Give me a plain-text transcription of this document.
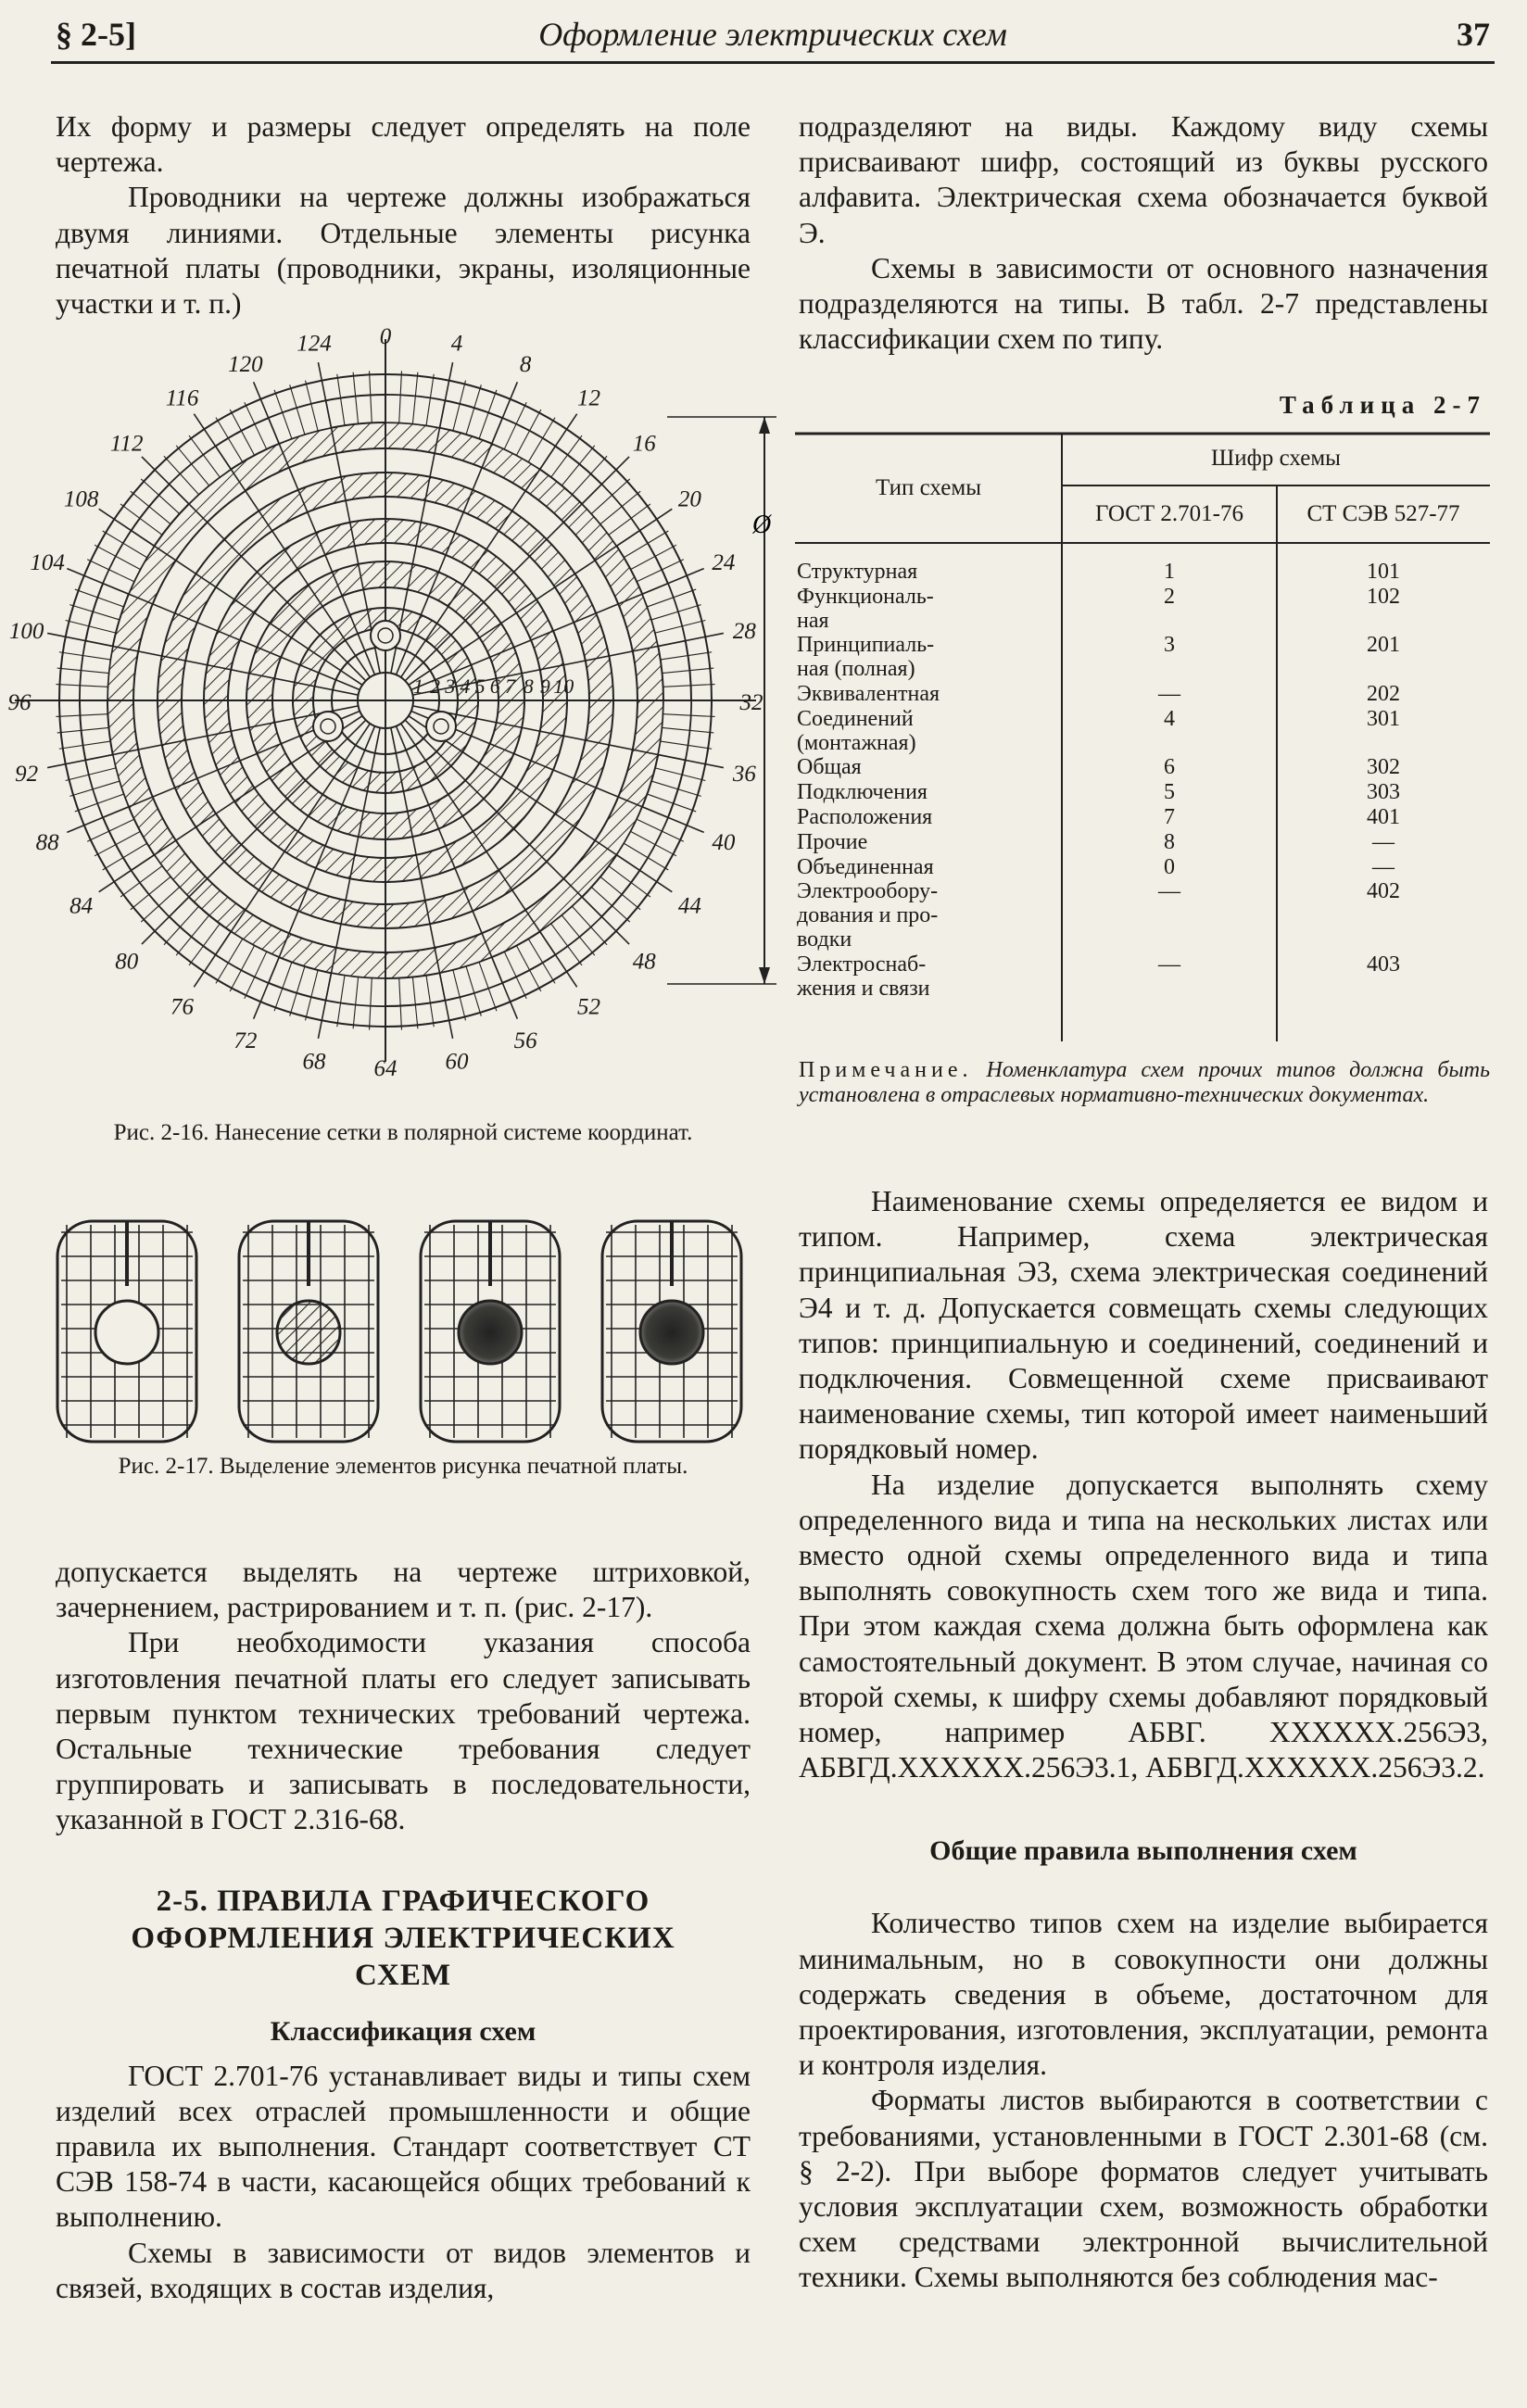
§ 2-5]	Оформление электрических схем	37

Их форму и размеры следует определять на поле чертежа.

Проводники на чертеже должны изображаться двумя линиями. Отдельные элементы рисунка печатной платы (проводники, экраны, изоляционные участки и т. п.)

0	4
8
12
16
20
24
28
32
36
40
44
48
52
56
60
64
68
72
76
80
84
88
92
96
100
104
108
112
116
120
124
1 2 3 4 5 6 7 8 9 10
Ø

Рис. 2-16. Нанесение сетки в полярной системе координат.

Рис. 2-17. Выделение элементов рисунка печатной платы.

допускается выделять на чертеже штриховкой, зачернением, растрированием и т. п. (рис. 2-17).

При необходимости указания способа изготовления печатной платы его следует записывать первым пунктом технических требований чертежа. Остальные технические требования следует группировать и записывать в последовательности, указанной в ГОСТ 2.316-68.

2-5. ПРАВИЛА ГРАФИЧЕСКОГО ОФОРМЛЕНИЯ ЭЛЕКТРИЧЕСКИХ СХЕМ

Классификация схем

ГОСТ 2.701-76 устанавливает виды и типы схем изделий всех отраслей промышленности и общие правила их выполнения. Стандарт соответствует СТ СЭВ 158-74 в части, касающейся общих требований к выполнению.

Схемы в зависимости от видов элементов и связей, входящих в состав изделия,

подразделяют на виды. Каждому виду схемы присваивают шифр, состоящий из буквы русского алфавита. Электрическая схема обозначается буквой Э.

Схемы в зависимости от основного назначения подразделяются на типы. В табл. 2-7 представлены классификации схем по типу.

Таблица 2-7
Тип схемы
Шифр схемы
ГОСТ 2.701-76	СТ СЭВ 527-77
Структурная	1	101
Функциональ-
ная
2	102
Принципиаль-
ная (полная)
3	201
Эквивалентная	—	202
Соединений
(монтажная)
4	301
Общая	6	302
Подключения	5	303
Расположения	7	401
Прочие	8	—
Объединенная	0	—
Электрообору-
дования и про-
водки
—	402
Электроснаб-
жения и связи
—	403

Примечание. Номенклатура схем прочих типов должна быть установлена в отраслевых нормативно-технических документах.

Наименование схемы определяется ее видом и типом. Например, схема электрическая принципиальная Э3, схема электрическая соединений Э4 и т. д. Допускается совмещать схемы следующих типов: принципиальную и соединений, соединений и подключения. Совмещенной схеме присваивают наименование схемы, тип которой имеет наименьший порядковый номер.

На изделие допускается выполнять схему определенного вида и типа на нескольких листах или вместо одной схемы определенного вида и типа выполнять совокупность схем того же вида и типа. При этом каждая схема должна быть оформлена как самостоятельный документ. В этом случае, начиная со второй схемы, к шифру схемы добавляют порядковый номер, например АБВГ. ХХХХХХ.256Э3, АБВГД.ХХХХХХ.256Э3.1, АБВГД.ХХХХХХ.256Э3.2.

Общие правила выполнения схем

Количество типов схем на изделие выбирается минимальным, но в совокупности они должны содержать сведения в объеме, достаточном для проектирования, изготовления, эксплуатации, ремонта и контроля изделия.

Форматы листов выбираются в соответствии с требованиями, установленными в ГОСТ 2.301-68 (см. § 2-2). При выборе форматов следует учитывать условия эксплуатации схем, возможность обработки схем средствами электронной вычислительной техники. Схемы выполняются без соблюдения мас-
